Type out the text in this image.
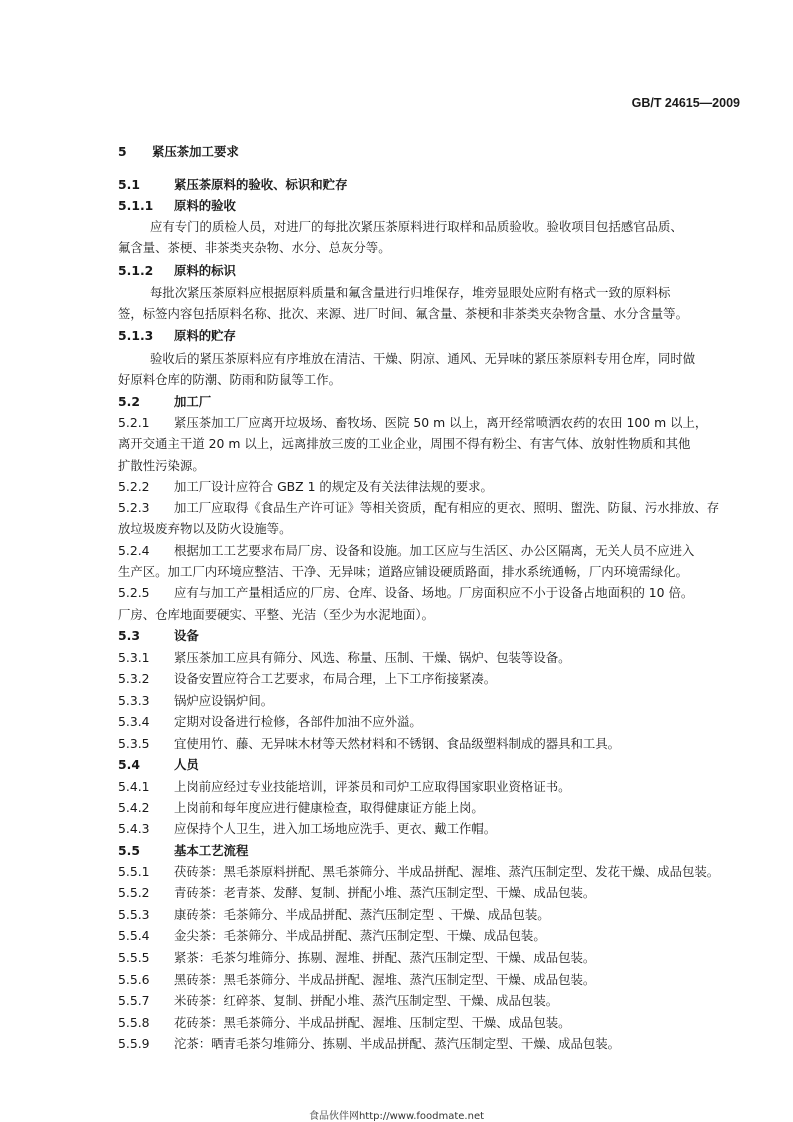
GB/T 24615—2009
5 紧压茶加工要求
5.1	紧压茶原料的验收、标识和贮存
5.1.1 原料的验收
应有专门的质检人员，对进厂的每批次紧压茶原料进行取样和品质验收。验收项目包括感官品质、
氟含量、茶梗、非茶类夹杂物、水分、总灰分等。
5.1.2 原料的标识
每批次紧压茶原料应根据原料质量和氟含量进行归堆保存，堆旁显眼处应附有格式一致的原料标
签，标签内容包括原料名称、批次、来源、进厂时间、氟含量、茶梗和非茶类夹杂物含量、水分含量等。
5.1.3 原料的贮存
验收后的紧压茶原料应有序堆放在清洁、干燥、阴凉、通风、无异味的紧压茶原料专用仓库，同时做
好原料仓库的防潮、防雨和防鼠等工作。
5.2	加工厂
5.2.1 紧压茶加工厂应离开垃圾场、畜牧场、医院 50 m 以上，离开经常喷洒农药的农田 100 m 以上，
离开交通主干道 20 m 以上，远离排放三废的工业企业，周围不得有粉尘、有害气体、放射性物质和其他
扩散性污染源。
5.2.2 加工厂设计应符合 GBZ 1 的规定及有关法律法规的要求。
5.2.3 加工厂应取得《食品生产许可证》等相关资质，配有相应的更衣、照明、盥洗、防鼠、污水排放、存
放垃圾废弃物以及防火设施等。
5.2.4 根据加工工艺要求布局厂房、设备和设施。加工区应与生活区、办公区隔离，无关人员不应进入
生产区。加工厂内环境应整洁、干净、无异味；道路应铺设硬质路面，排水系统通畅，厂内环境需绿化。
5.2.5 应有与加工产量相适应的厂房、仓库、设备、场地。厂房面积应不小于设备占地面积的 10 倍。
厂房、仓库地面要硬实、平整、光洁（至少为水泥地面）。
5.3	设备
5.3.1 紧压茶加工应具有筛分、风选、称量、压制、干燥、锅炉、包装等设备。
5.3.2 设备安置应符合工艺要求，布局合理，上下工序衔接紧凑。
5.3.3 锅炉应设锅炉间。
5.3.4 定期对设备进行检修，各部件加油不应外溢。
5.3.5 宜使用竹、藤、无异味木材等天然材料和不锈钢、食品级塑料制成的器具和工具。
5.4	人员
5.4.1 上岗前应经过专业技能培训，评茶员和司炉工应取得国家职业资格证书。
5.4.2 上岗前和每年度应进行健康检查，取得健康证方能上岗。
5.4.3 应保持个人卫生，进入加工场地应洗手、更衣、戴工作帽。
5.5	基本工艺流程
5.5.1 茯砖茶：黑毛茶原料拼配、黑毛茶筛分、半成品拼配、渥堆、蒸汽压制定型、发花干燥、成品包装。
5.5.2 青砖茶：老青茶、发酵、复制、拼配小堆、蒸汽压制定型、干燥、成品包装。
5.5.3 康砖茶：毛茶筛分、半成品拼配、蒸汽压制定型 、干燥、成品包装。
5.5.4 金尖茶：毛茶筛分、半成品拼配、蒸汽压制定型、干燥、成品包装。
5.5.5 紧茶：毛茶匀堆筛分、拣剔、渥堆、拼配、蒸汽压制定型、干燥、成品包装。
5.5.6 黑砖茶：黑毛茶筛分、半成品拼配、渥堆、蒸汽压制定型、干燥、成品包装。
5.5.7 米砖茶：红碎茶、复制、拼配小堆、蒸汽压制定型、干燥、成品包装。
5.5.8 花砖茶：黑毛茶筛分、半成品拼配、渥堆、压制定型、干燥、成品包装。
5.5.9 沱茶：晒青毛茶匀堆筛分、拣剔、半成品拼配、蒸汽压制定型、干燥、成品包装。
食品伙伴网http://www.foodmate.net
